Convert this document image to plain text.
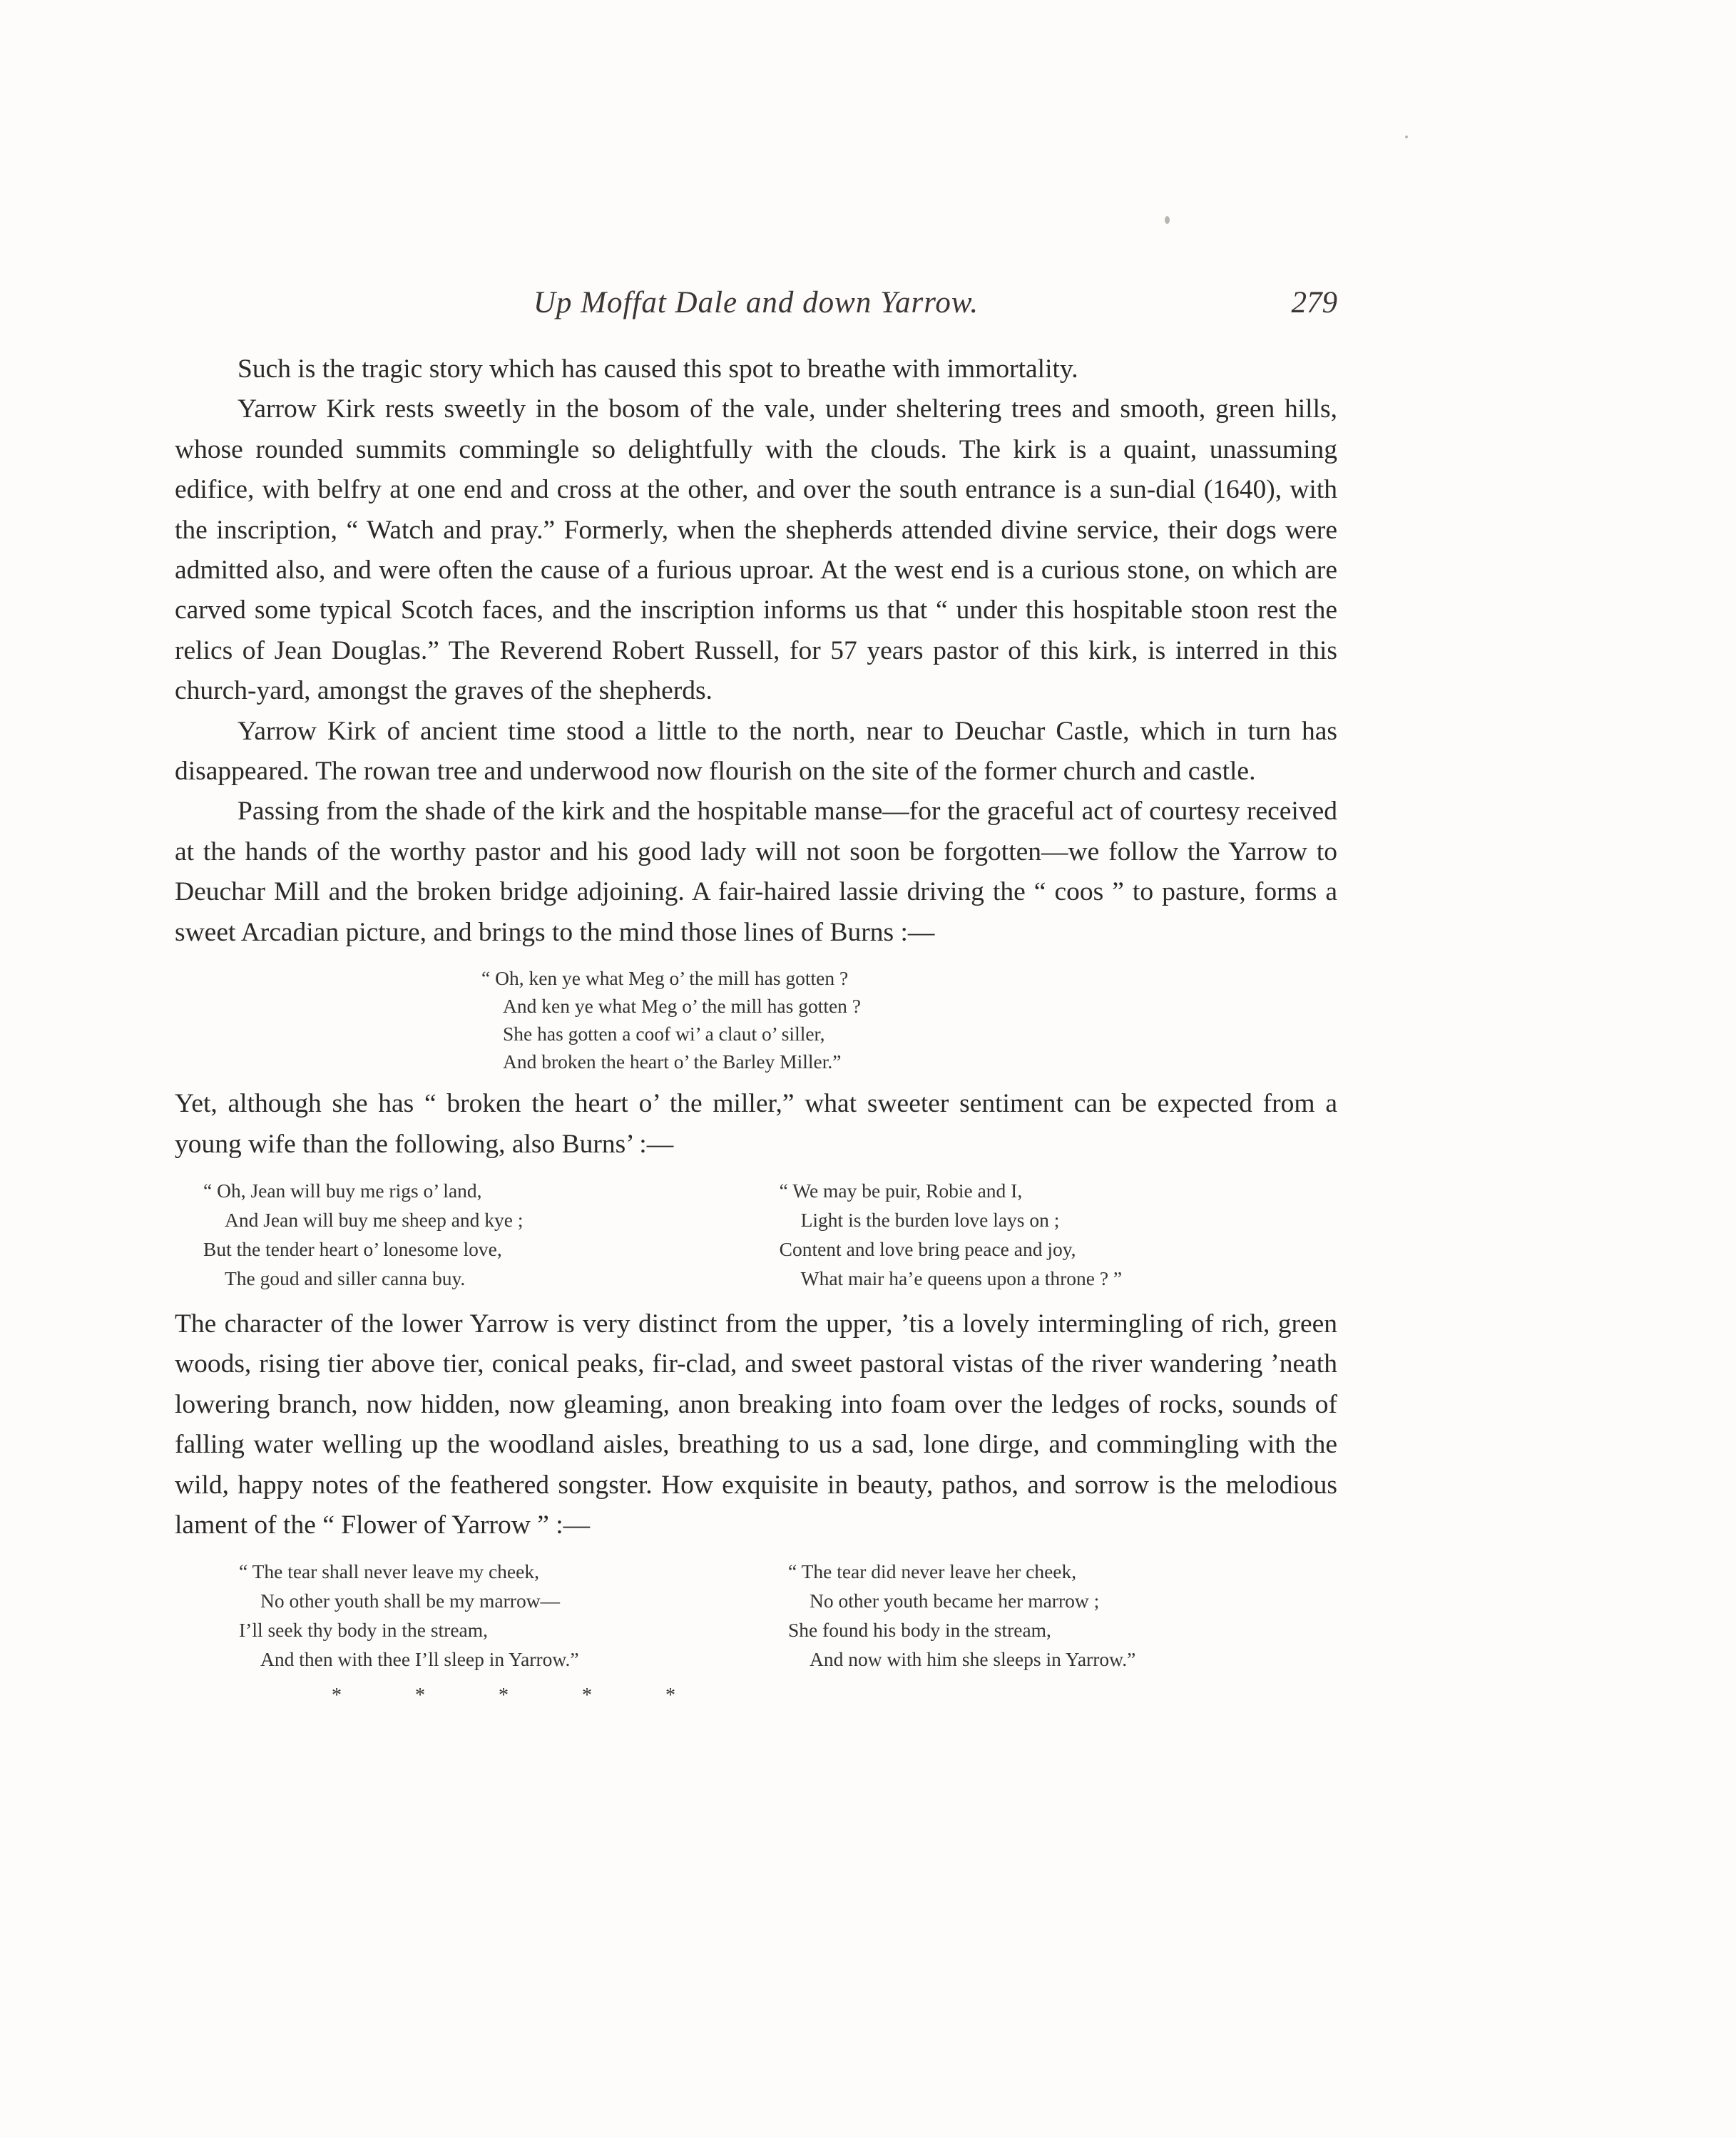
Up Moffat Dale and down Yarrow.	279

Such is the tragic story which has caused this spot to breathe with immortality.

Yarrow Kirk rests sweetly in the bosom of the vale, under sheltering trees and smooth, green hills, whose rounded summits commingle so delightfully with the clouds. The kirk is a quaint, unassuming edifice, with belfry at one end and cross at the other, and over the south entrance is a sun-dial (1640), with the inscription, “ Watch and pray.” Formerly, when the shepherds attended divine service, their dogs were admitted also, and were often the cause of a furious uproar. At the west end is a curious stone, on which are carved some typical Scotch faces, and the inscription informs us that “ under this hospitable stoon rest the relics of Jean Douglas.” The Reverend Robert Russell, for 57 years pastor of this kirk, is interred in this church-yard, amongst the graves of the shepherds.

Yarrow Kirk of ancient time stood a little to the north, near to Deuchar Castle, which in turn has disappeared. The rowan tree and underwood now flourish on the site of the former church and castle.

Passing from the shade of the kirk and the hospitable manse—for the graceful act of courtesy received at the hands of the worthy pastor and his good lady will not soon be forgotten—we follow the Yarrow to Deuchar Mill and the broken bridge adjoining. A fair-haired lassie driving the “ coos ” to pasture, forms a sweet Arcadian picture, and brings to the mind those lines of Burns :—

“ Oh, ken ye what Meg o’ the mill has gotten ?
And ken ye what Meg o’ the mill has gotten ?
She has gotten a coof wi’ a claut o’ siller,
And broken the heart o’ the Barley Miller.”

Yet, although she has “ broken the heart o’ the miller,” what sweeter sentiment can be expected from a young wife than the following, also Burns’ :—

“ Oh, Jean will buy me rigs o’ land,
And Jean will buy me sheep and kye ;
But the tender heart o’ lonesome love,
The goud and siller canna buy.
“ We may be puir, Robie and I,
Light is the burden love lays on ;
Content and love bring peace and joy,
What mair ha’e queens upon a throne ? ”

The character of the lower Yarrow is very distinct from the upper, ’tis a lovely intermingling of rich, green woods, rising tier above tier, conical peaks, fir-clad, and sweet pastoral vistas of the river wandering ’neath lowering branch, now hidden, now gleaming, anon breaking into foam over the ledges of rocks, sounds of falling water welling up the woodland aisles, breathing to us a sad, lone dirge, and commingling with the wild, happy notes of the feathered songster. How exquisite in beauty, pathos, and sorrow is the melodious lament of the “ Flower of Yarrow ” :—

“ The tear shall never leave my cheek,
No other youth shall be my marrow—
I’ll seek thy body in the stream,
And then with thee I’ll sleep in Yarrow.”
“ The tear did never leave her cheek,
No other youth became her marrow ;
She found his body in the stream,
And now with him she sleeps in Yarrow.”
*	*	*	*	*
